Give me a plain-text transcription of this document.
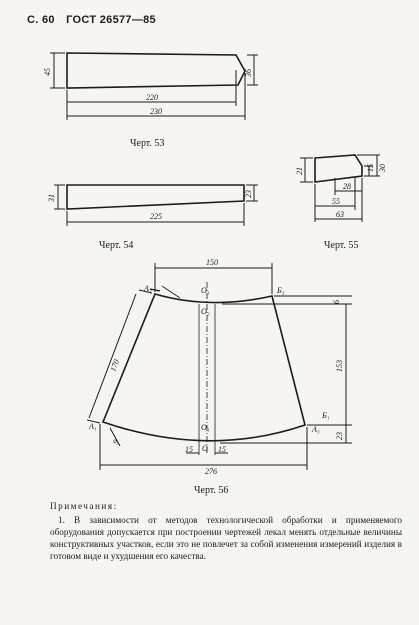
С. 60 ГОСТ 26577—85
45	36
220
230
31	23
225
21	15 30
28
55
63
150
170
6
153
23
276
15	15
9
A₂	O₃	Б₃
O₂
A₁	O₁
O
A₃
Б₁
Черт. 53
Черт. 54	Черт. 55
Черт. 56
Примечания:
1. В зависимости от методов технологической обработки и применяемого оборудования допускается при построении чертежей лекал менять отдельные величины конструктивных участков, если это не повлечет за собой изменения измерений изделия в готовом виде и ухудшения его качества.
